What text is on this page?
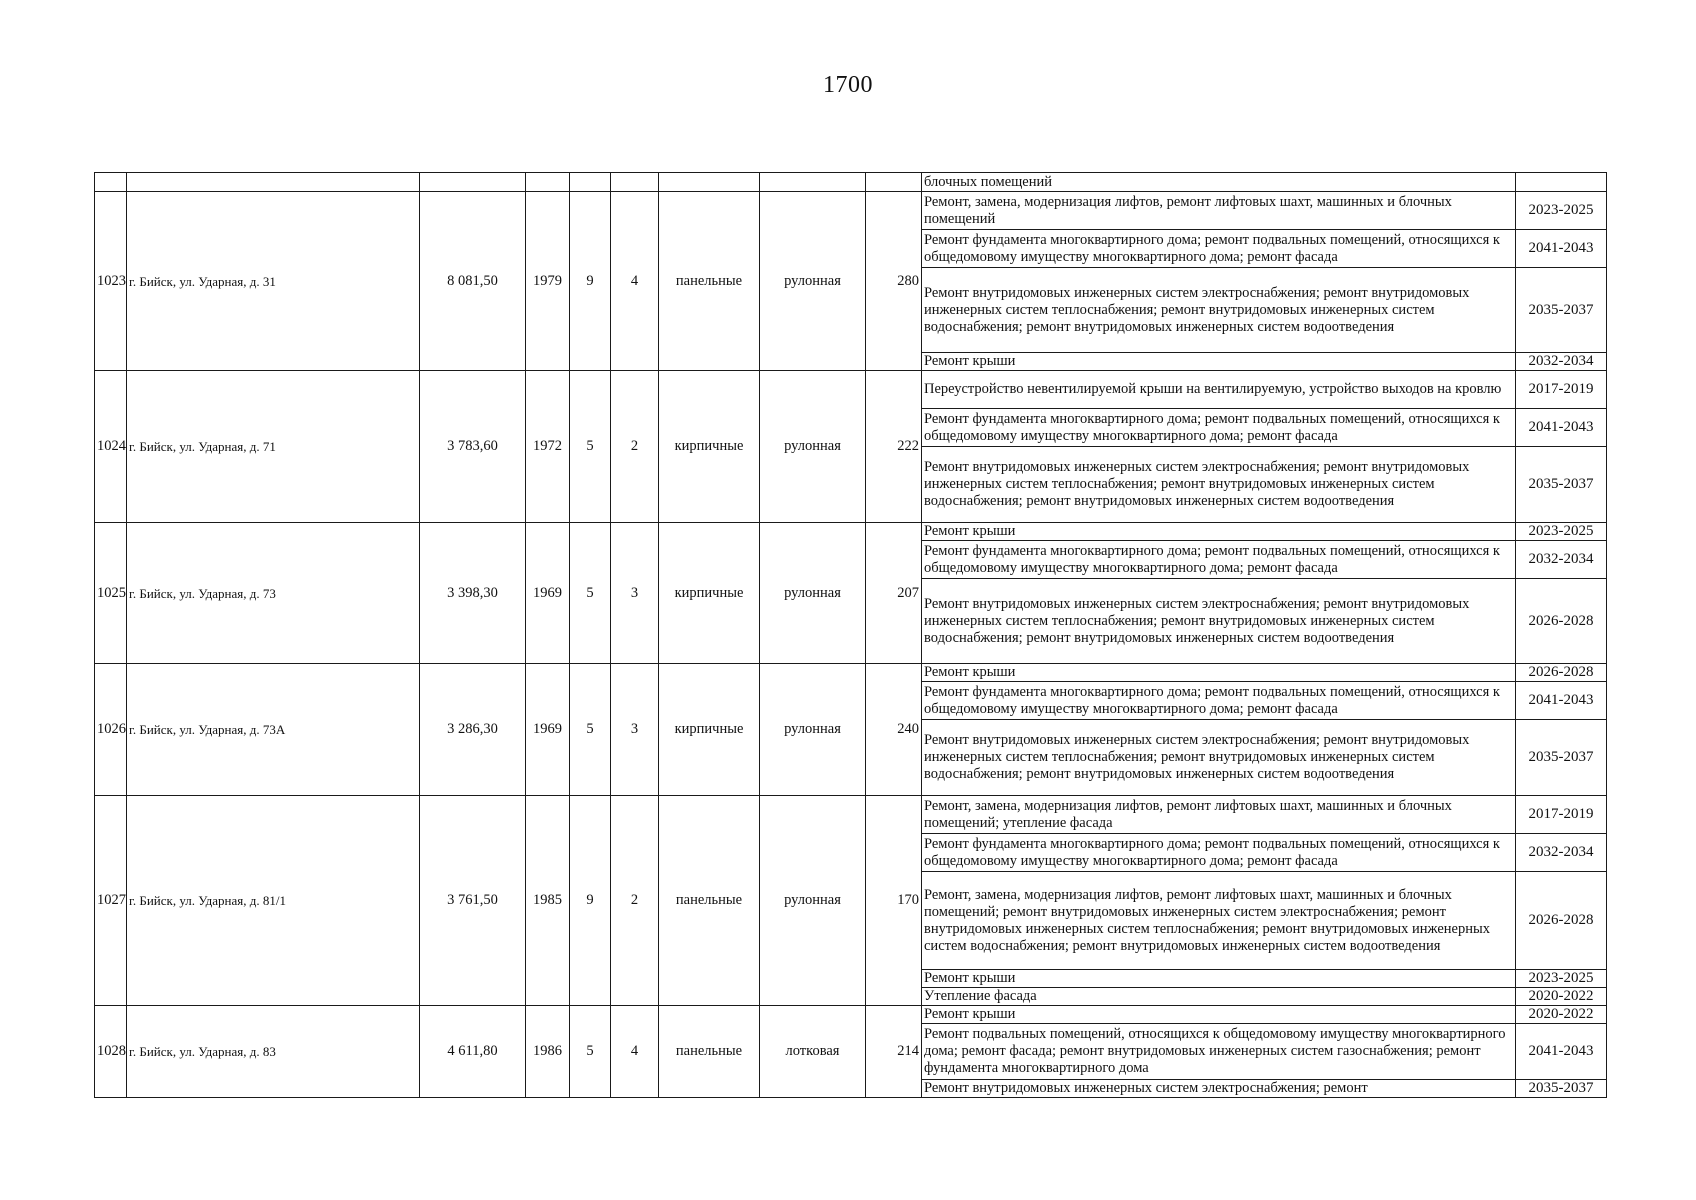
1700
									блочных помещений	
1023	г. Бийск, ул. Ударная, д. 31	8 081,50	1979	9	4	панельные	рулонная	280	Ремонт, замена, модернизация лифтов, ремонт лифтовых шахт, машинных и блочных помещений	2023-2025
									Ремонт фундамента многоквартирного дома; ремонт подвальных помещений, относящихся к общедомовому имуществу многоквартирного дома; ремонт фасада	2041-2043
									Ремонт внутридомовых инженерных систем электроснабжения; ремонт внутридомовых инженерных систем теплоснабжения; ремонт внутридомовых инженерных систем водоснабжения; ремонт внутридомовых инженерных систем водоотведения	2035-2037
									Ремонт крыши	2032-2034
1024	г. Бийск, ул. Ударная, д. 71	3 783,60	1972	5	2	кирпичные	рулонная	222	Переустройство невентилируемой крыши на вентилируемую, устройство выходов на кровлю	2017-2019
									Ремонт фундамента многоквартирного дома; ремонт подвальных помещений, относящихся к общедомовому имуществу многоквартирного дома; ремонт фасада	2041-2043
									Ремонт внутридомовых инженерных систем электроснабжения; ремонт внутридомовых инженерных систем теплоснабжения; ремонт внутридомовых инженерных систем водоснабжения; ремонт внутридомовых инженерных систем водоотведения	2035-2037
1025	г. Бийск, ул. Ударная, д. 73	3 398,30	1969	5	3	кирпичные	рулонная	207	Ремонт крыши	2023-2025
									Ремонт фундамента многоквартирного дома; ремонт подвальных помещений, относящихся к общедомовому имуществу многоквартирного дома; ремонт фасада	2032-2034
									Ремонт внутридомовых инженерных систем электроснабжения; ремонт внутридомовых инженерных систем теплоснабжения; ремонт внутридомовых инженерных систем водоснабжения; ремонт внутридомовых инженерных систем водоотведения	2026-2028
1026	г. Бийск, ул. Ударная, д. 73А	3 286,30	1969	5	3	кирпичные	рулонная	240	Ремонт крыши	2026-2028
									Ремонт фундамента многоквартирного дома; ремонт подвальных помещений, относящихся к общедомовому имуществу многоквартирного дома; ремонт фасада	2041-2043
									Ремонт внутридомовых инженерных систем электроснабжения; ремонт внутридомовых инженерных систем теплоснабжения; ремонт внутридомовых инженерных систем водоснабжения; ремонт внутридомовых инженерных систем водоотведения	2035-2037
1027	г. Бийск, ул. Ударная, д. 81/1	3 761,50	1985	9	2	панельные	рулонная	170	Ремонт, замена, модернизация лифтов, ремонт лифтовых шахт, машинных и блочных помещений; утепление фасада	2017-2019
									Ремонт фундамента многоквартирного дома; ремонт подвальных помещений, относящихся к общедомовому имуществу многоквартирного дома; ремонт фасада	2032-2034
									Ремонт, замена, модернизация лифтов, ремонт лифтовых шахт, машинных и блочных помещений; ремонт внутридомовых инженерных систем электроснабжения; ремонт внутридомовых инженерных систем теплоснабжения; ремонт внутридомовых инженерных систем водоснабжения; ремонт внутридомовых инженерных систем водоотведения	2026-2028
									Ремонт крыши	2023-2025
									Утепление фасада	2020-2022
1028	г. Бийск, ул. Ударная, д. 83	4 611,80	1986	5	4	панельные	лотковая	214	Ремонт крыши	2020-2022
									Ремонт подвальных помещений, относящихся к общедомовому имуществу многоквартирного дома; ремонт фасада; ремонт внутридомовых инженерных систем газоснабжения; ремонт фундамента многоквартирного дома	2041-2043
									Ремонт внутридомовых инженерных систем электроснабжения; ремонт	2035-2037
